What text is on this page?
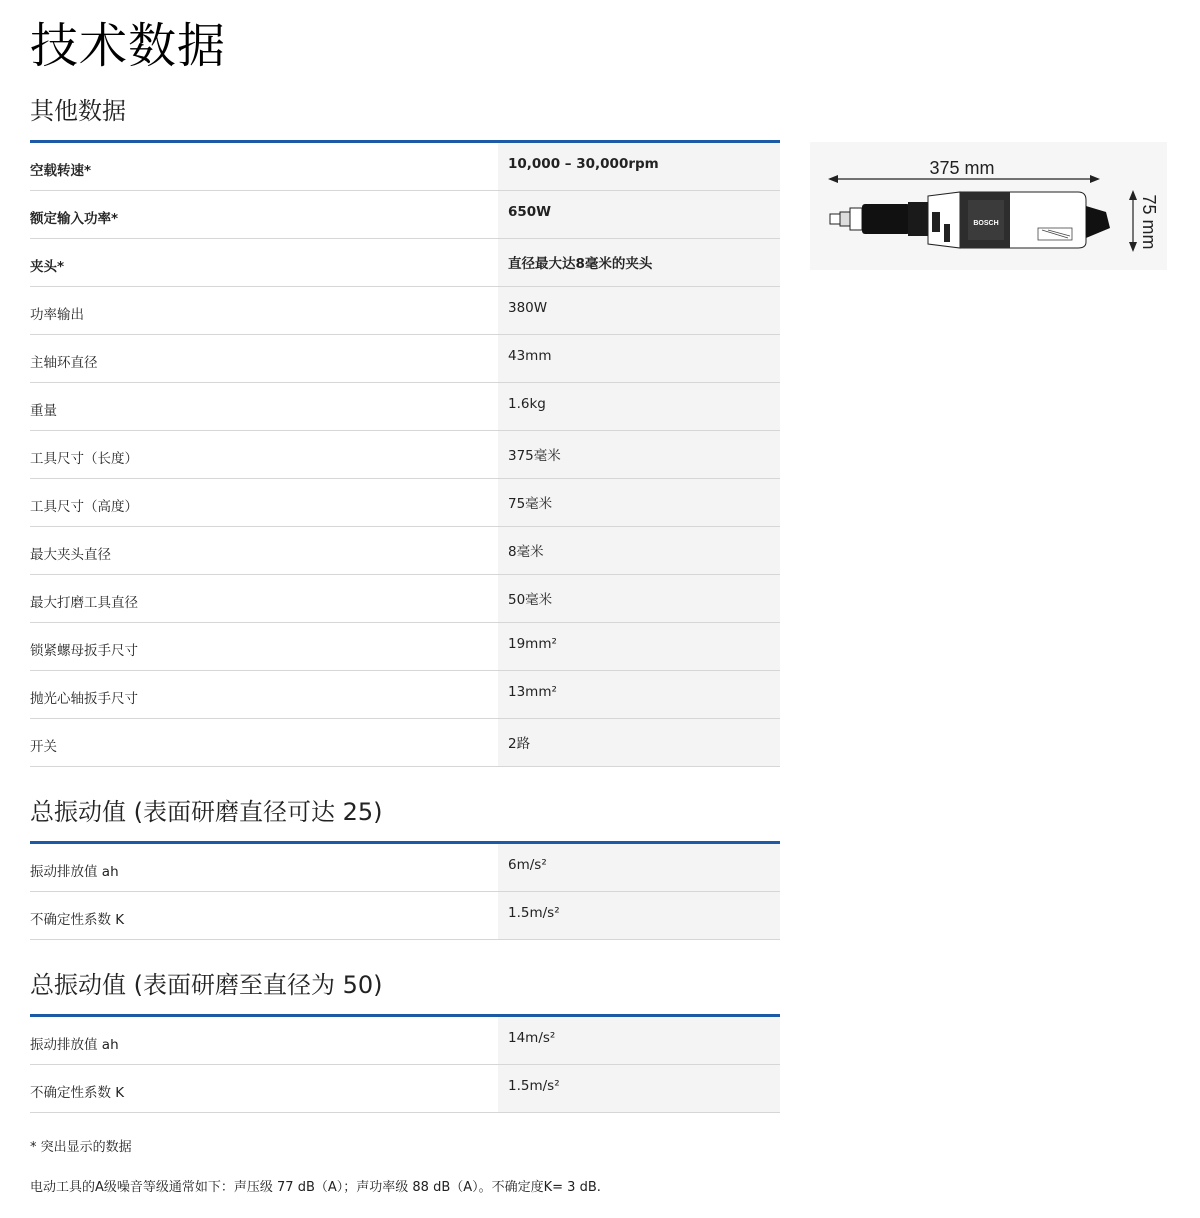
技术数据
其他数据
空载转速*	10,000 – 30,000rpm
额定输入功率*	650W
夹头*	直径最大达8毫米的夹头
功率输出	380W
主轴环直径	43mm
重量	1.6kg
工具尺寸（长度）	375毫米
工具尺寸（高度）	75毫米
最大夹头直径	8毫米
最大打磨工具直径	50毫米
锁紧螺母扳手尺寸	19mm²
抛光心轴扳手尺寸	13mm²
开关	2路
总振动值 (表面研磨直径可达 25)
振动排放值 ah	6m/s²
不确定性系数 K	1.5m/s²
总振动值 (表面研磨至直径为 50)
振动排放值 ah	14m/s²
不确定性系数 K	1.5m/s²

* 突出显示的数据

电动工具的A级噪音等级通常如下：声压级 77 dB（A）；声功率级 88 dB（A）。不确定度K= 3 dB.

375 mm
75 mm
BOSCH
